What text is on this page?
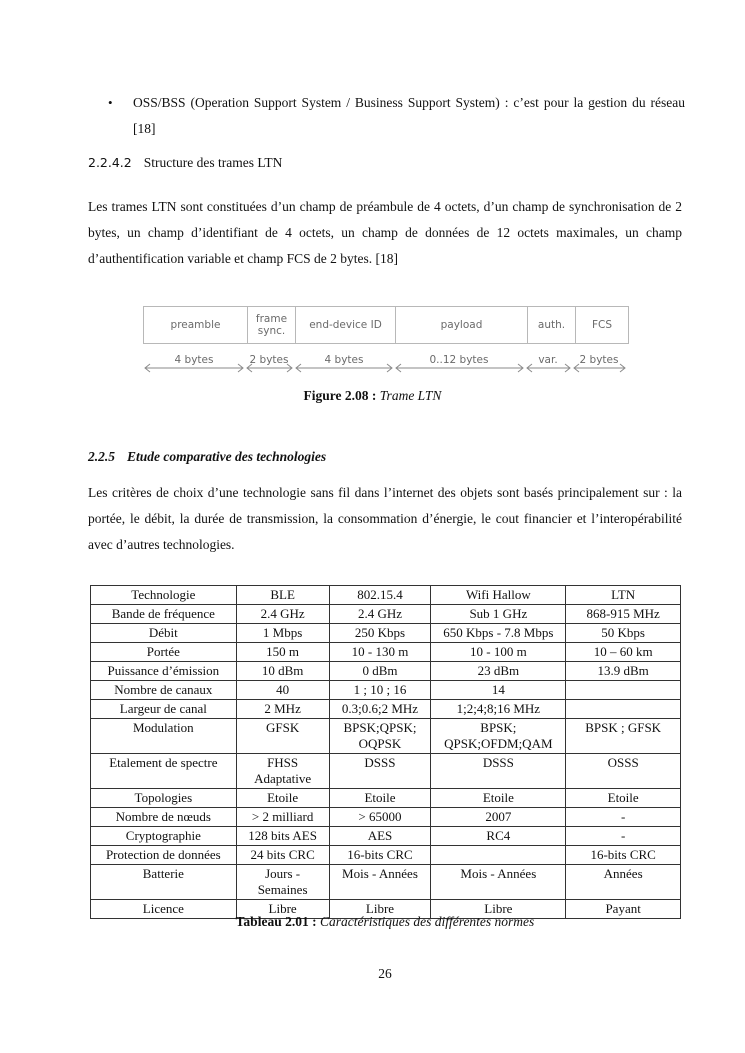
•	OSS/BSS (Operation Support System / Business Support System) : c’est pour la gestion du réseau [18]
2.2.4.2 Structure des trames LTN
Les trames LTN sont constituées d’un champ de préambule de 4 octets, d’un champ de synchronisation de 2 bytes, un champ d’identifiant de 4 octets, un champ de données de 12 octets maximales, un champ d’authentification variable et champ FCS de 2 bytes. [18]
preamble	frame sync.	end-device ID	payload	auth.	FCS
4 bytes	2 bytes	4 bytes	0..12 bytes	var. 2 bytes
Figure 2.08 : Trame LTN
2.2.5 Etude comparative des technologies
Les critères de choix d’une technologie sans fil dans l’internet des objets sont basés principalement sur : la portée, le débit, la durée de transmission, la consommation d’énergie, le cout financier et l’interopérabilité avec d’autres technologies.
Technologie	BLE	802.15.4	Wifi Hallow	LTN
Bande de fréquence	2.4 GHz	2.4 GHz	Sub 1 GHz	868-915 MHz
Débit	1 Mbps	250 Kbps	650 Kbps - 7.8 Mbps	50 Kbps
Portée	150 m	10 - 130 m	10 - 100 m	10 – 60 km
Puissance d’émission	10 dBm	0 dBm	23 dBm	13.9 dBm
Nombre de canaux	40	1 ; 10 ; 16	14	
Largeur de canal	2 MHz	0.3;0.6;2 MHz	1;2;4;8;16 MHz	
Modulation	GFSK	BPSK;QPSK; OQPSK	BPSK; QPSK;OFDM;QAM	BPSK ; GFSK
Etalement de spectre	FHSS Adaptative	DSSS	DSSS	OSSS
Topologies	Etoile	Etoile	Etoile	Etoile
Nombre de nœuds	> 2 milliard	> 65000	2007	-
Cryptographie	128 bits AES	AES	RC4	-
Protection de données	24 bits CRC	16-bits CRC		16-bits CRC
Batterie	Jours - Semaines	Mois - Années	Mois - Années	Années
Licence	Libre	Libre	Libre	Payant
Tableau 2.01 : Caractéristiques des différentes normes
26
